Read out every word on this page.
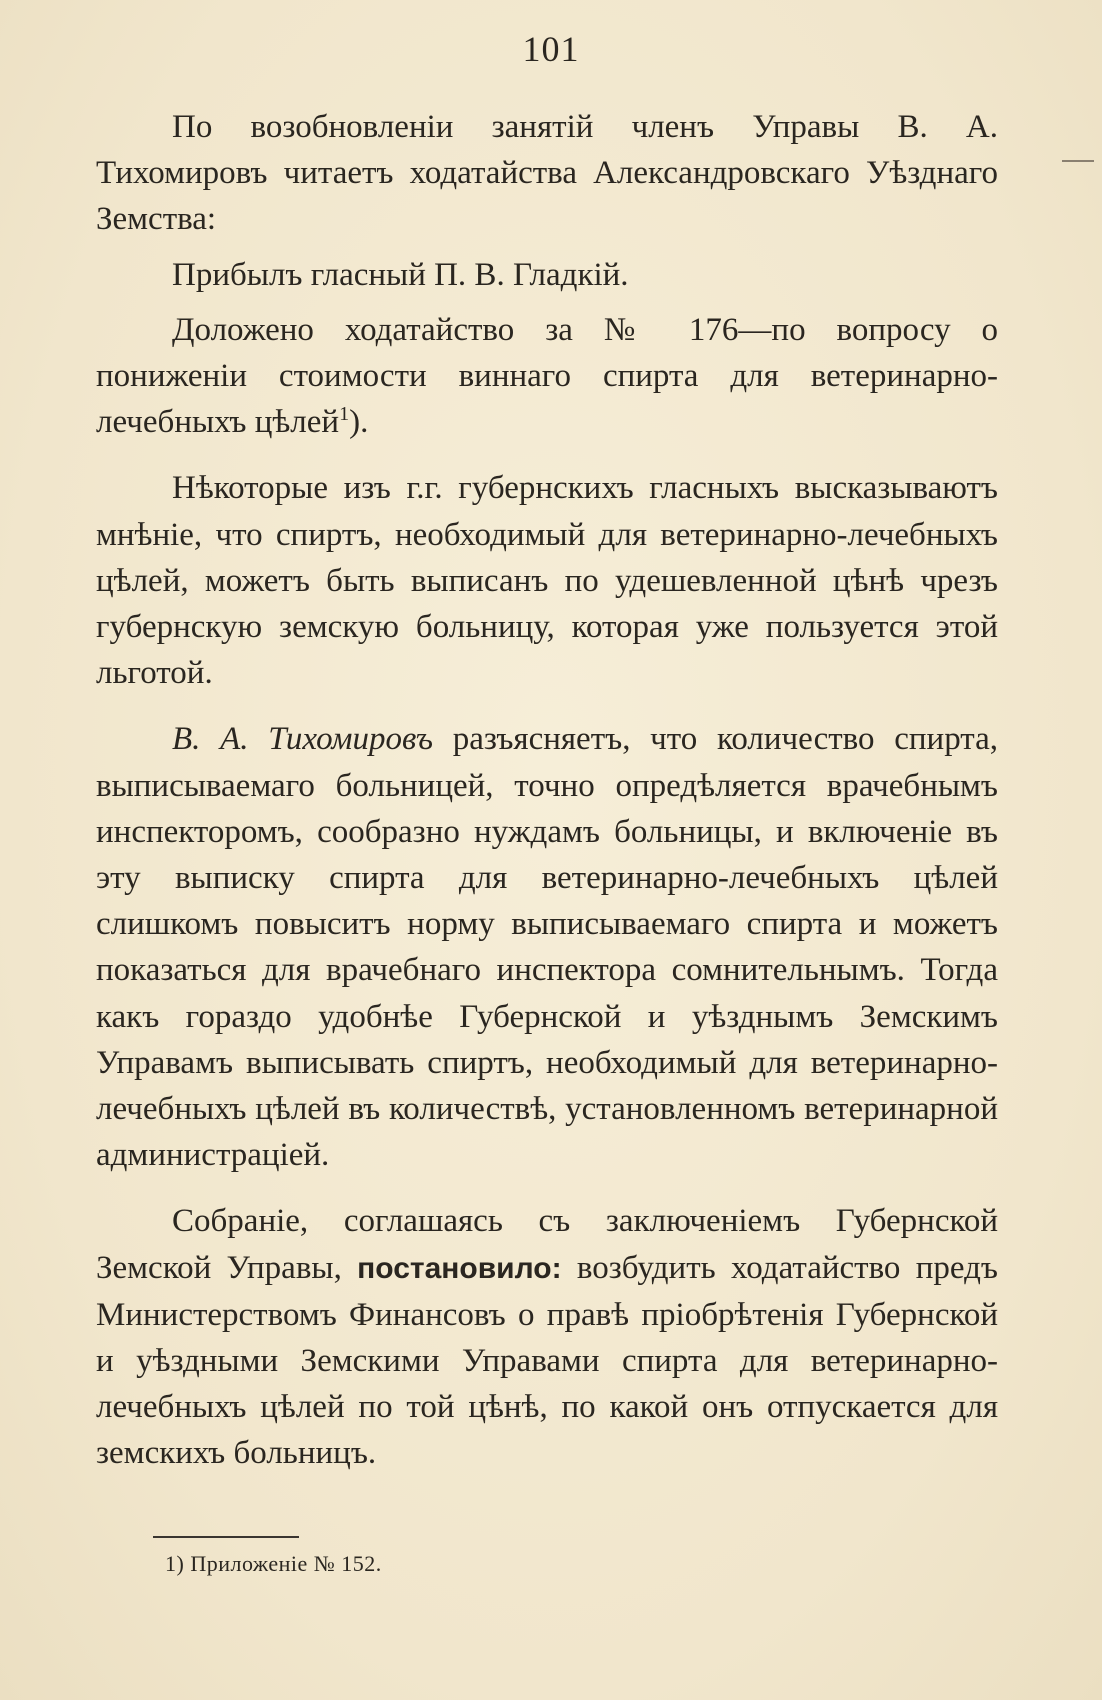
101

По возобновленіи занятій членъ Управы В. А. Тихомировъ читаетъ ходатайства Александровскаго Уѣзднаго Земства:

Прибылъ гласный П. В. Гладкій.

Доложено ходатайство за № 176—по вопросу о пониженіи стоимости виннаго спирта для ветеринарно-лечебныхъ цѣлей$^1$).

Нѣкоторые изъ г.г. губернскихъ гласныхъ высказываютъ мнѣніе, что спиртъ, необходимый для ветеринарно-лечебныхъ цѣлей, можетъ быть выписанъ по удешевленной цѣнѣ чрезъ губернскую земскую больницу, которая уже пользуется этой льготой.

В. А. Тихомировъ разъясняетъ, что количество спирта, выписываемаго больницей, точно опредѣляется врачебнымъ инспекторомъ, сообразно нуждамъ больницы, и включеніе въ эту выписку спирта для ветеринарно-лечебныхъ цѣлей слишкомъ повыситъ норму выписываемаго спирта и можетъ показаться для врачебнаго инспектора сомнительнымъ. Тогда какъ гораздо удобнѣе Губернской и уѣзднымъ Земскимъ Управамъ выписывать спиртъ, необходимый для ветеринарно-лечебныхъ цѣлей въ количествѣ, установленномъ ветеринарной администраціей.

Собраніе, соглашаясь съ заключеніемъ Губернской Земской Управы, постановило: возбудить ходатайство предъ Министерствомъ Финансовъ о правѣ пріобрѣтенія Губернской и уѣздными Земскими Управами спирта для ветеринарно-лечебныхъ цѣлей по той цѣнѣ, по какой онъ отпускается для земскихъ больницъ.

1) Приложеніе № 152.
